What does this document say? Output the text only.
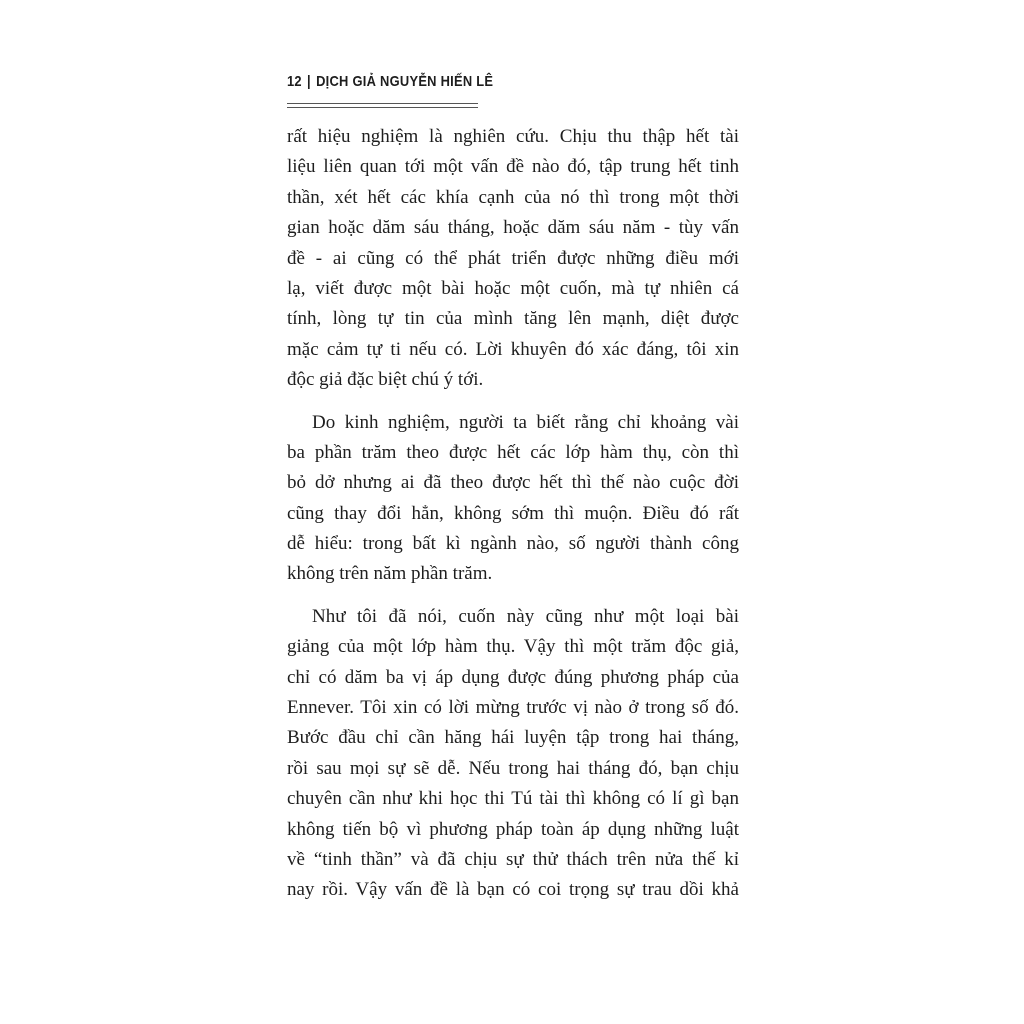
12 | DỊCH GIẢ NGUYỄN HIẾN LÊ
rất hiệu nghiệm là nghiên cứu. Chịu thu thập hết tài
liệu liên quan tới một vấn đề nào đó, tập trung hết tinh
thần, xét hết các khía cạnh của nó thì trong một thời
gian hoặc dăm sáu tháng, hoặc dăm sáu năm - tùy vấn
đề - ai cũng có thể phát triển được những điều mới
lạ, viết được một bài hoặc một cuốn, mà tự nhiên cá
tính, lòng tự tin của mình tăng lên mạnh, diệt được
mặc cảm tự ti nếu có. Lời khuyên đó xác đáng, tôi xin
độc giả đặc biệt chú ý tới.
Do kinh nghiệm, người ta biết rằng chỉ khoảng vài
ba phần trăm theo được hết các lớp hàm thụ, còn thì
bỏ dở nhưng ai đã theo được hết thì thế nào cuộc đời
cũng thay đổi hẳn, không sớm thì muộn. Điều đó rất
dễ hiểu: trong bất kì ngành nào, số người thành công
không trên năm phần trăm.
Như tôi đã nói, cuốn này cũng như một loại bài
giảng của một lớp hàm thụ. Vậy thì một trăm độc giả,
chỉ có dăm ba vị áp dụng được đúng phương pháp của
Ennever. Tôi xin có lời mừng trước vị nào ở trong số đó.
Bước đầu chỉ cần hăng hái luyện tập trong hai tháng,
rồi sau mọi sự sẽ dễ. Nếu trong hai tháng đó, bạn chịu
chuyên cần như khi học thi Tú tài thì không có lí gì bạn
không tiến bộ vì phương pháp toàn áp dụng những luật
về “tinh thần” và đã chịu sự thử thách trên nửa thế kỉ
nay rồi. Vậy vấn đề là bạn có coi trọng sự trau dồi khả
